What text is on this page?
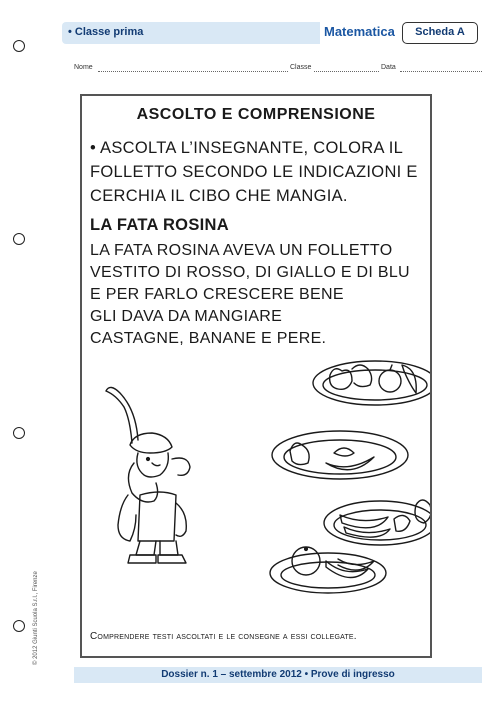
• Classe prima	Matematica	Scheda A
Nome	Classe	Data
ASCOLTO E COMPRENSIONE
• ASCOLTA L’INSEGNANTE, COLORA IL FOLLETTO SECONDO LE INDICAZIONI E CERCHIA IL CIBO CHE MANGIA.
LA FATA ROSINA
LA FATA ROSINA AVEVA UN FOLLETTO
VESTITO DI ROSSO, DI GIALLO E DI BLU
E PER FARLO CRESCERE BENE
GLI DAVA DA MANGIARE
CASTAGNE, BANANE E PERE.
Comprendere testi ascoltati e le consegne a essi collegate.
© 2012 Giunti Scuola S.r.l., Firenze
Dossier n. 1 – settembre 2012 • Prove di ingresso
